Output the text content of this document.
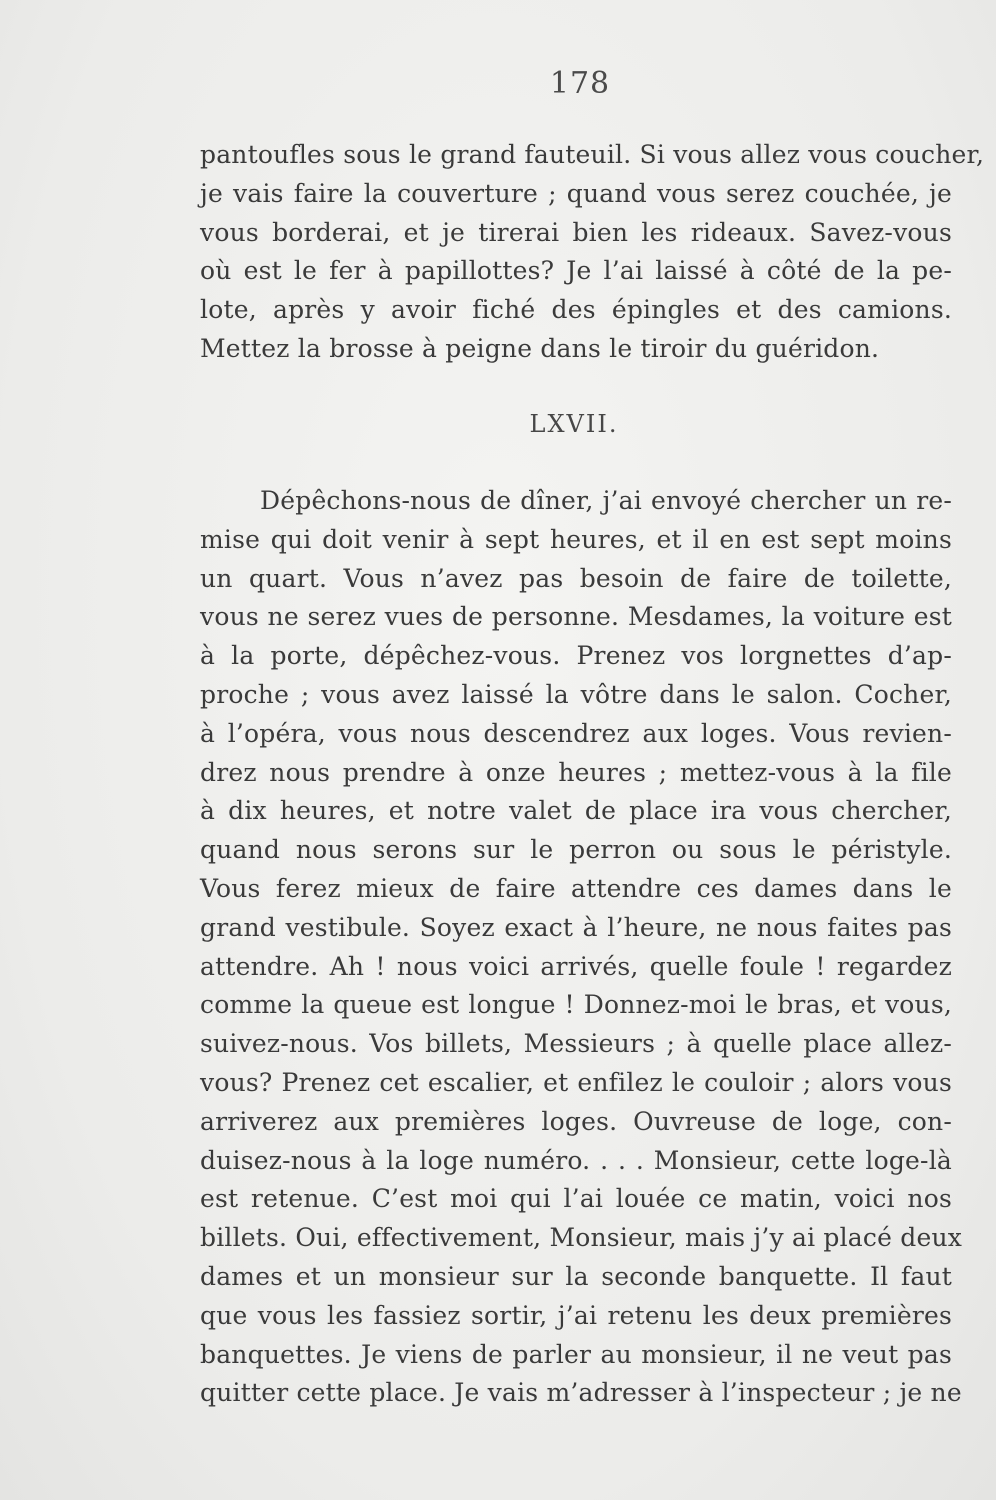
178
pantoufles sous le grand fauteuil. Si vous allez vous coucher,
je vais faire la couverture ; quand vous serez couchée, je
vous borderai, et je tirerai bien les rideaux. Savez-vous
où est le fer à papillottes? Je l’ai laissé à côté de la pe-
lote, après y avoir fiché des épingles et des camions.
Mettez la brosse à peigne dans le tiroir du guéridon.
LXVII.
Dépêchons-nous de dîner, j’ai envoyé chercher un re-
mise qui doit venir à sept heures, et il en est sept moins
un quart. Vous n’avez pas besoin de faire de toilette,
vous ne serez vues de personne. Mesdames, la voiture est
à la porte, dépêchez-vous. Prenez vos lorgnettes d’ap-
proche ; vous avez laissé la vôtre dans le salon. Cocher,
à l’opéra, vous nous descendrez aux loges. Vous revien-
drez nous prendre à onze heures ; mettez-vous à la file
à dix heures, et notre valet de place ira vous chercher,
quand nous serons sur le perron ou sous le péristyle.
Vous ferez mieux de faire attendre ces dames dans le
grand vestibule. Soyez exact à l’heure, ne nous faites pas
attendre. Ah ! nous voici arrivés, quelle foule ! regardez
comme la queue est longue ! Donnez-moi le bras, et vous,
suivez-nous. Vos billets, Messieurs ; à quelle place allez-
vous? Prenez cet escalier, et enfilez le couloir ; alors vous
arriverez aux premières loges. Ouvreuse de loge, con-
duisez-nous à la loge numéro. . . . Monsieur, cette loge-là
est retenue. C’est moi qui l’ai louée ce matin, voici nos
billets. Oui, effectivement, Monsieur, mais j’y ai placé deux
dames et un monsieur sur la seconde banquette. Il faut
que vous les fassiez sortir, j’ai retenu les deux premières
banquettes. Je viens de parler au monsieur, il ne veut pas
quitter cette place. Je vais m’adresser à l’inspecteur ; je ne
